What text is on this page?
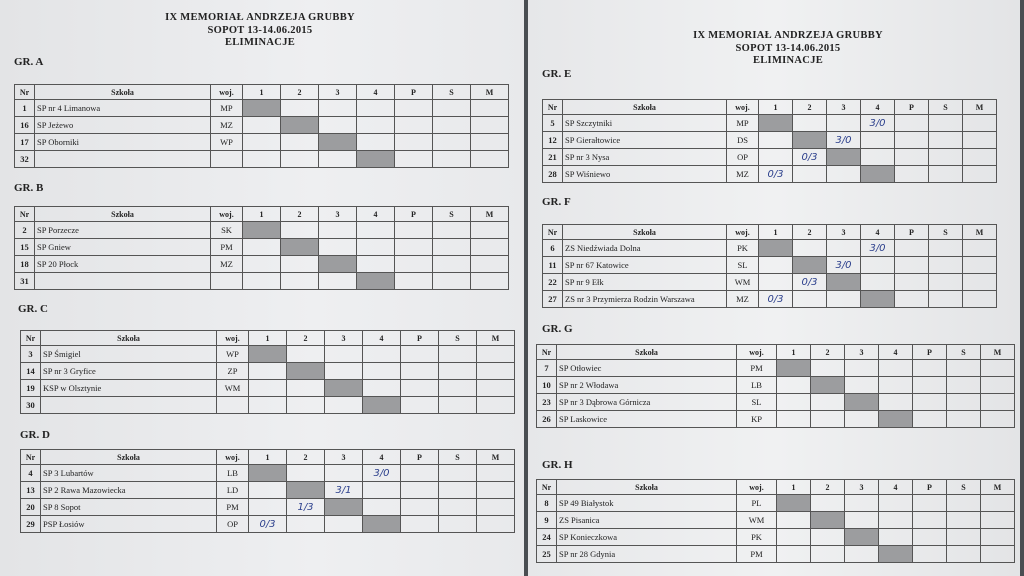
IX MEMORIAŁ ANDRZEJA GRUBBY
SOPOT 13-14.06.2015
ELIMINACJE
GR. A
GR. B
GR. C
GR. D
Nr	Szkoła	woj.	1	2	3	4	P	S	M
1	SP nr 4 Limanowa	MP							
16	SP Jeżewo	MZ							
17	SP Oborniki	WP							
32									
Nr	Szkoła	woj.	1	2	3	4	P	S	M
2	SP Porzecze	SK							
15	SP Gniew	PM							
18	SP 20 Płock	MZ							
31									
Nr	Szkoła	woj.	1	2	3	4	P	S	M
3	SP Śmigiel	WP							
14	SP nr 3 Gryfice	ZP							
19	KSP w Olsztynie	WM							
30									
Nr	Szkoła	woj.	1	2	3	4	P	S	M
4	SP 3 Lubartów	LB				3/0			
13	SP 2 Rawa Mazowiecka	LD			3/1				
20	SP 8 Sopot	PM		1/3					
29	PSP Łosiów	OP	0/3						
IX MEMORIAŁ ANDRZEJA GRUBBY
SOPOT 13-14.06.2015
ELIMINACJE
GR. E
GR. F
GR. G
GR. H
Nr	Szkoła	woj.	1	2	3	4	P	S	M
5	SP Szczytniki	MP				3/0			
12	SP Gierałtowice	DS			3/0				
21	SP nr 3 Nysa	OP		0/3					
28	SP Wiśniewo	MZ	0/3						
Nr	Szkoła	woj.	1	2	3	4	P	S	M
6	ZS Niedźwiada Dolna	PK				3/0			
11	SP nr 67 Katowice	SL			3/0				
22	SP nr 9 Ełk	WM		0/3					
27	ZS nr 3 Przymierza Rodzin Warszawa	MZ	0/3						
Nr	Szkoła	woj.	1	2	3	4	P	S	M
7	SP Otłowiec	PM							
10	SP nr 2 Włodawa	LB							
23	SP nr 3 Dąbrowa Górnicza	SL							
26	SP Laskowice	KP							
Nr	Szkoła	woj.	1	2	3	4	P	S	M
8	SP 49 Białystok	PL							
9	ZS Pisanica	WM							
24	SP Konieczkowa	PK							
25	SP nr 28 Gdynia	PM							
